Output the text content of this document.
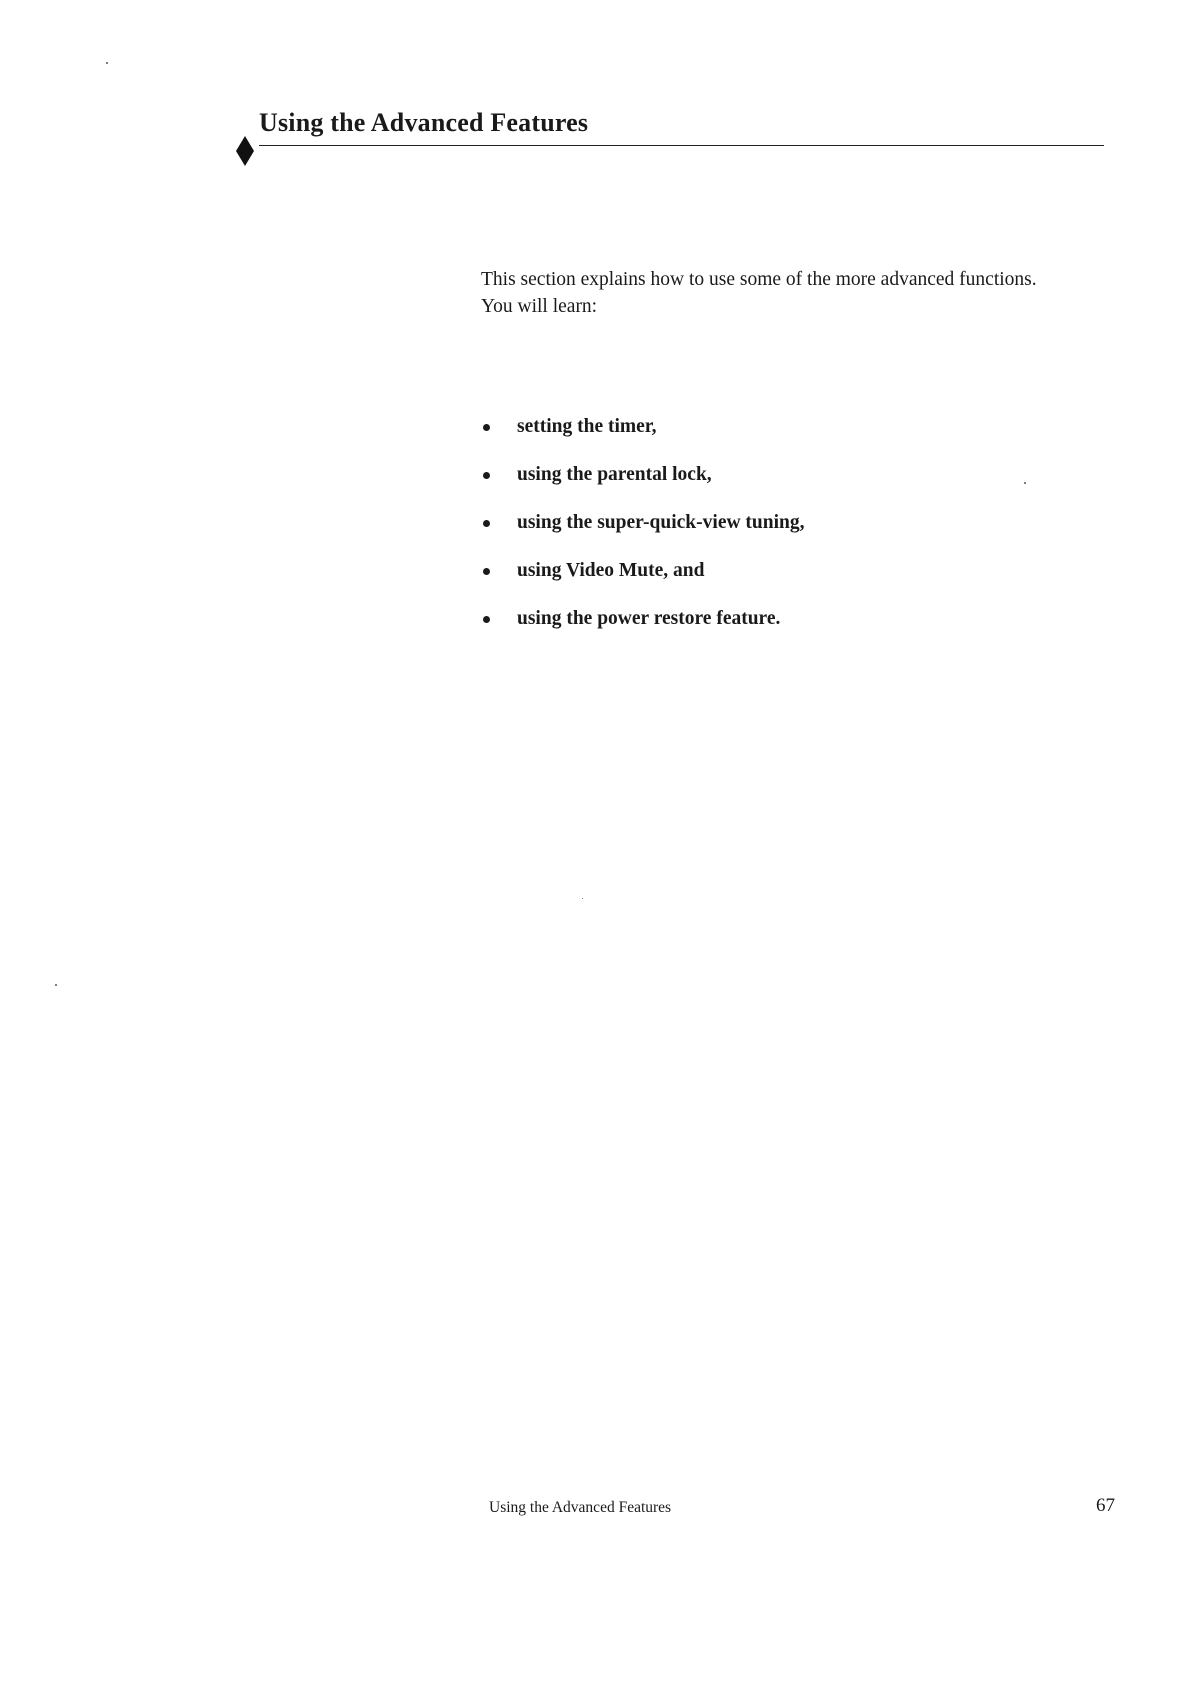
Using the Advanced Features

This section explains how to use some of the more advanced functions.

You will learn:

setting the timer,
using the parental lock,
using the super-quick-view tuning,
using Video Mute, and
using the power restore feature.
Using the Advanced Features	67
